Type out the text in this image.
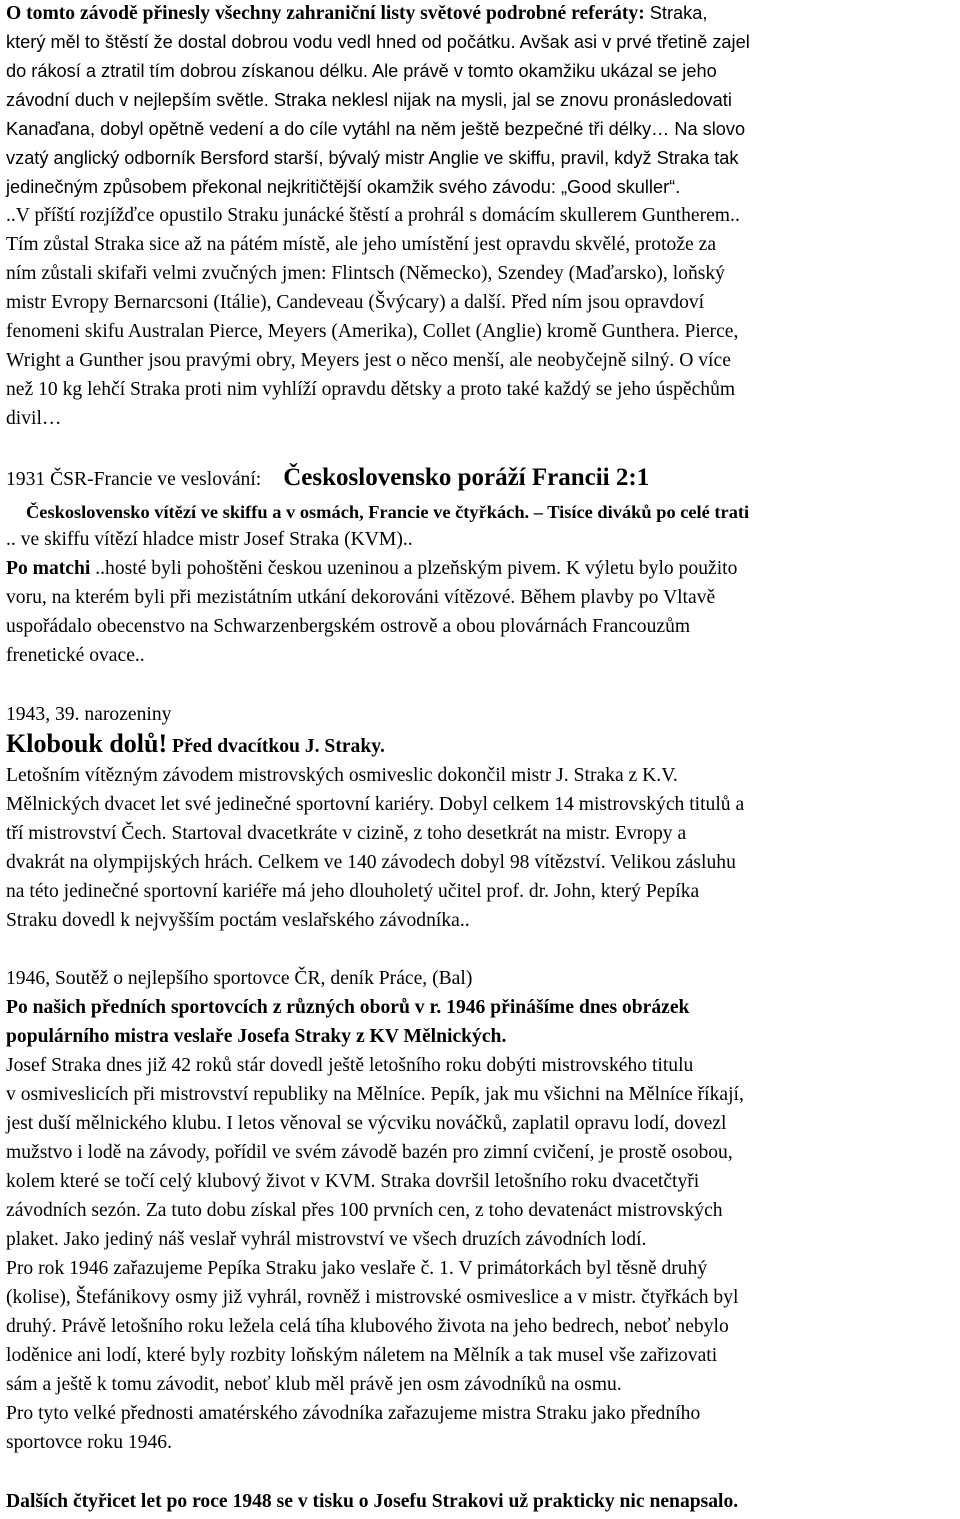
O tomto závodě přinesly všechny zahraniční listy světové podrobné referáty: Straka,
který měl to štěstí že dostal dobrou vodu vedl hned od počátku. Avšak asi v prvé třetině zajel
do rákosí a ztratil tím dobrou získanou délku. Ale právě v tomto okamžiku ukázal se jeho
závodní duch v nejlepším světle. Straka neklesl nijak na mysli, jal se znovu pronásledovati
Kanaďana, dobyl opětně vedení a do cíle vytáhl na něm ještě bezpečné tři délky… Na slovo
vzatý anglický odborník Bersford starší, bývalý mistr Anglie ve skiffu, pravil, když Straka tak
jedinečným způsobem překonal nejkritičtější okamžik svého závodu: „Good skuller“.
..V příští rozjížďce opustilo Straku junácké štěstí a prohrál s domácím skullerem Guntherem..
Tím zůstal Straka sice až na pátém místě, ale jeho umístění jest opravdu skvělé, protože za
ním zůstali skifaři velmi zvučných jmen: Flintsch (Německo), Szendey (Maďarsko), loňský
mistr Evropy Bernarcsoni (Itálie), Candeveau (Švýcary) a další. Před ním jsou opravdoví
fenomeni skifu Australan Pierce, Meyers (Amerika), Collet (Anglie) kromě Gunthera. Pierce,
Wright a Gunther jsou pravými obry, Meyers jest o něco menší, ale neobyčejně silný. O více
než 10 kg lehčí Straka proti nim vyhlíží opravdu dětsky a proto také každý se jeho úspěchům
divil…
1931 ČSR-Francie ve veslování: Československo poráží Francii 2:1
Československo vítězí ve skiffu a v osmách, Francie ve čtyřkách. – Tisíce diváků po celé trati
.. ve skiffu vítězí hladce mistr Josef Straka (KVM)..
Po matchi ..hosté byli pohoštěni českou uzeninou a plzeňským pivem. K výletu bylo použito
voru, na kterém byli při mezistátním utkání dekorováni vítězové. Během plavby po Vltavě
uspořádalo obecenstvo na Schwarzenbergském ostrově a obou plovárnách Francouzům
frenetické ovace..
1943, 39. narozeniny
Klobouk dolů! Před dvacítkou J. Straky.
Letošním vítězným závodem mistrovských osmiveslic dokončil mistr J. Straka z K.V.
Mělnických dvacet let své jedinečné sportovní kariéry. Dobyl celkem 14 mistrovských titulů a
tří mistrovství Čech. Startoval dvacetkráte v cizině, z toho desetkrát na mistr. Evropy a
dvakrát na olympijských hrách. Celkem ve 140 závodech dobyl 98 vítězství. Velikou zásluhu
na této jedinečné sportovní kariéře má jeho dlouholetý učitel prof. dr. John, který Pepíka
Straku dovedl k nejvyšším poctám veslařského závodníka..
1946, Soutěž o nejlepšího sportovce ČR, deník Práce, (Bal)
Po našich předních sportovcích z různých oborů v r. 1946 přinášíme dnes obrázek
populárního mistra veslaře Josefa Straky z KV Mělnických.
Josef Straka dnes již 42 roků stár dovedl ještě letošního roku dobýti mistrovského titulu
v osmiveslicích při mistrovství republiky na Mělníce. Pepík, jak mu všichni na Mělníce říkají,
jest duší mělnického klubu. I letos věnoval se výcviku nováčků, zaplatil opravu lodí, dovezl
mužstvo i lodě na závody, pořídil ve svém závodě bazén pro zimní cvičení, je prostě osobou,
kolem které se točí celý klubový život v KVM. Straka dovršil letošního roku dvacetčtyři
závodních sezón. Za tuto dobu získal přes 100 prvních cen, z toho devatenáct mistrovských
plaket. Jako jediný náš veslař vyhrál mistrovství ve všech druzích závodních lodí.
Pro rok 1946 zařazujeme Pepíka Straku jako veslaře č. 1. V primátorkách byl těsně druhý
(kolise), Štefánikovy osmy již vyhrál, rovněž i mistrovské osmiveslice a v mistr. čtyřkách byl
druhý. Právě letošního roku ležela celá tíha klubového života na jeho bedrech, neboť nebylo
loděnice ani lodí, které byly rozbity loňským náletem na Mělník a tak musel vše zařizovati
sám a ještě k tomu závodit, neboť klub měl právě jen osm závodníků na osmu.
Pro tyto velké přednosti amatérského závodníka zařazujeme mistra Straku jako předního
sportovce roku 1946.
Dalších čtyřicet let po roce 1948 se v tisku o Josefu Strakovi už prakticky nic nenapsalo.
